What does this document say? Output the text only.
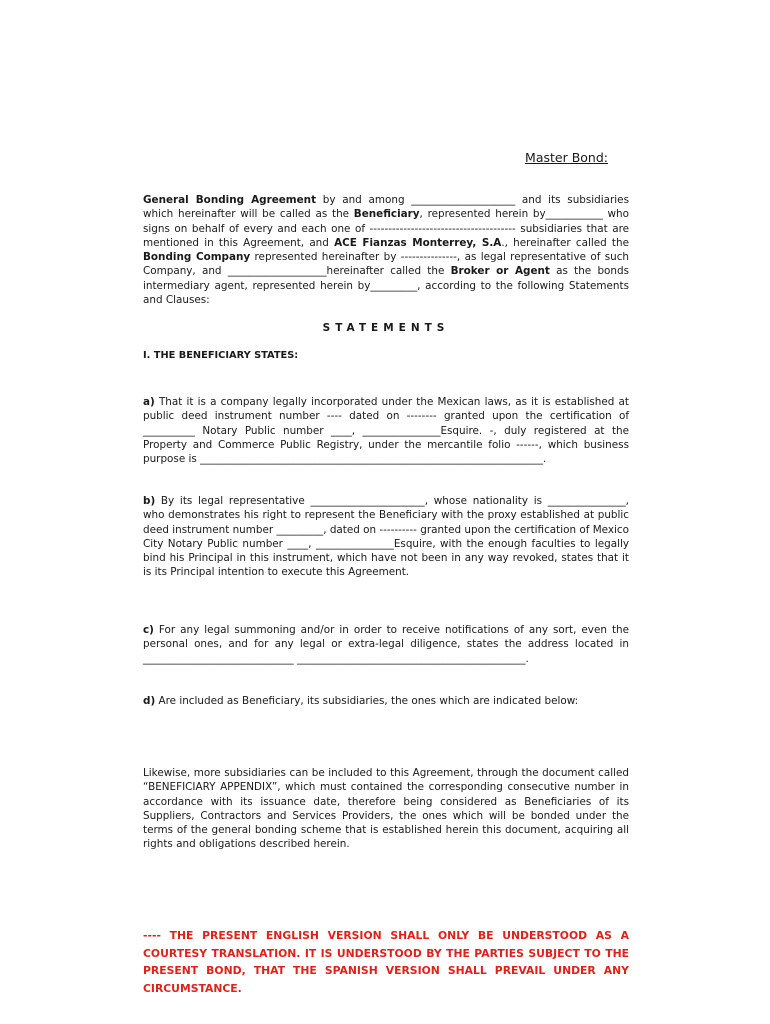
Master Bond:

General Bonding Agreement by and among ____________________ and its subsidiaries which hereinafter will be called as the Beneficiary, represented herein by___________ who signs on behalf of every and each one of --------------------------------------- subsidiaries that are mentioned in this Agreement, and ACE Fianzas Monterrey, S.A., hereinafter called the Bonding Company represented hereinafter by ---------------, as legal representative of such Company, and ___________________hereinafter called the Broker or Agent as the bonds intermediary agent, represented herein by_________, according to the following Statements and Clauses:

STATEMENTS
I. THE BENEFICIARY STATES:

a) That it is a company legally incorporated under the Mexican laws, as it is established at public deed instrument number ---- dated on -------- granted upon the certification of __________ Notary Public number ____, _______________Esquire. -, duly registered at the Property and Commerce Public Registry, under the mercantile folio ------, which business purpose is __________________________________________________________________.

b) By its legal representative ______________________, whose nationality is _______________, who demonstrates his right to represent the Beneficiary with the proxy established at public deed instrument number _________, dated on ---------- granted upon the certification of Mexico City Notary Public number ____, _______________Esquire, with the enough faculties to legally bind his Principal in this instrument, which have not been in any way revoked, states that it is its Principal intention to execute this Agreement.

c) For any legal summoning and/or in order to receive notifications of any sort, even the personal ones, and for any legal or extra-legal diligence, states the address located in _____________________________ ____________________________________________.

d) Are included as Beneficiary, its subsidiaries, the ones which are indicated below:

Likewise, more subsidiaries can be included to this Agreement, through the document called “BENEFICIARY APPENDIX”, which must contained the corresponding consecutive number in accordance with its issuance date, therefore being considered as Beneficiaries of its Suppliers, Contractors and Services Providers, the ones which will be bonded under the terms of the general bonding scheme that is established herein this document, acquiring all rights and obligations described herein.

---- THE PRESENT ENGLISH VERSION SHALL ONLY BE UNDERSTOOD AS A COURTESY TRANSLATION. IT IS UNDERSTOOD BY THE PARTIES SUBJECT TO THE PRESENT BOND, THAT THE SPANISH VERSION SHALL PREVAIL UNDER ANY CIRCUMSTANCE.
